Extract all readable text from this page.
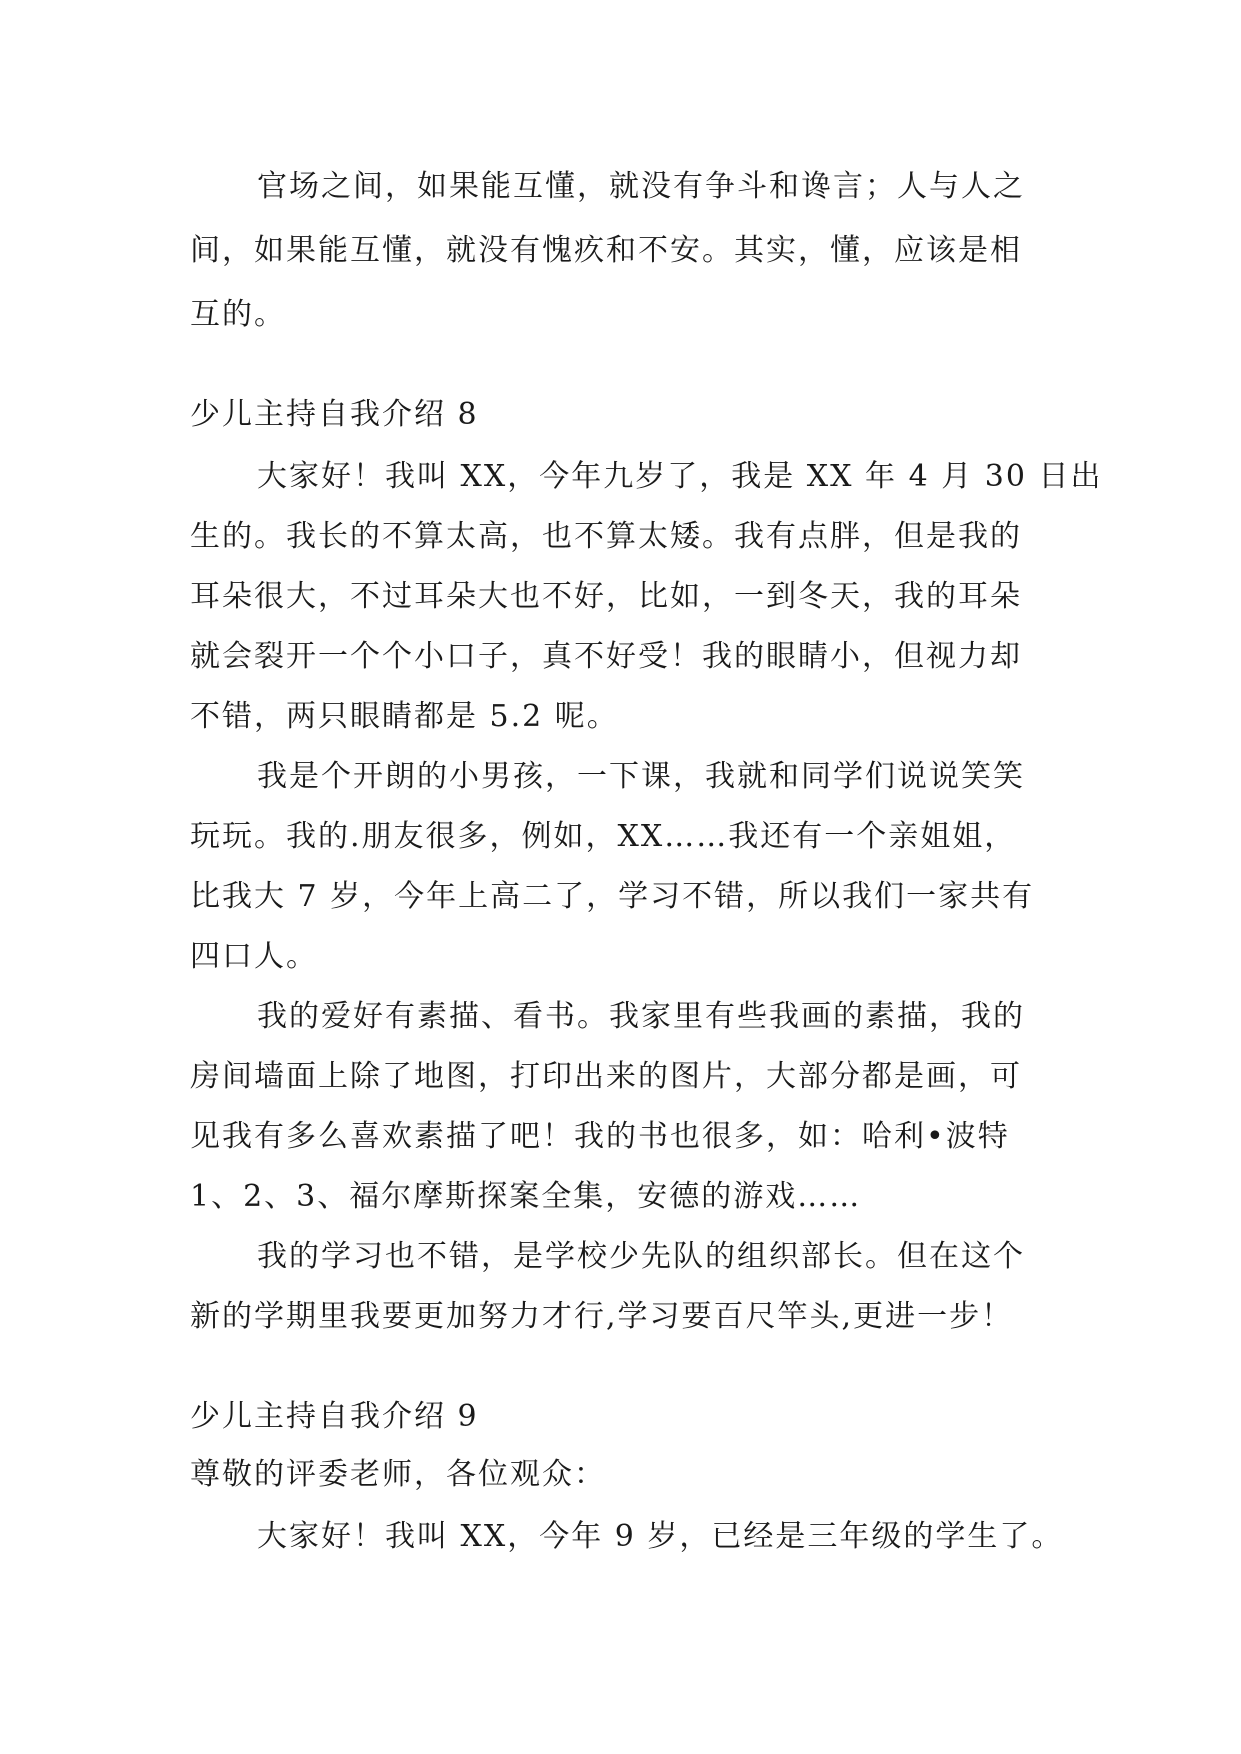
官场之间，如果能互懂，就没有争斗和谗言；人与人之
间，如果能互懂，就没有愧疚和不安。其实，懂，应该是相
互的。
少儿主持自我介绍 8
大家好！我叫 XX，今年九岁了，我是 XX 年 4 月 30 日出
生的。我长的不算太高，也不算太矮。我有点胖，但是我的
耳朵很大，不过耳朵大也不好，比如，一到冬天，我的耳朵
就会裂开一个个小口子，真不好受！我的眼睛小，但视力却
不错，两只眼睛都是 5.2 呢。
我是个开朗的小男孩，一下课，我就和同学们说说笑笑
玩玩。我的.朋友很多，例如，XX……我还有一个亲姐姐，
比我大 7 岁，今年上高二了，学习不错，所以我们一家共有
四口人。
我的爱好有素描、看书。我家里有些我画的素描，我的
房间墙面上除了地图，打印出来的图片，大部分都是画，可
见我有多么喜欢素描了吧！我的书也很多，如：哈利•波特
1、2、3、福尔摩斯探案全集，安德的游戏……
我的学习也不错，是学校少先队的组织部长。但在这个
新的学期里我要更加努力才行,学习要百尺竿头,更进一步！
少儿主持自我介绍 9
尊敬的评委老师，各位观众：
大家好！我叫 XX，今年 9 岁，已经是三年级的学生了。
